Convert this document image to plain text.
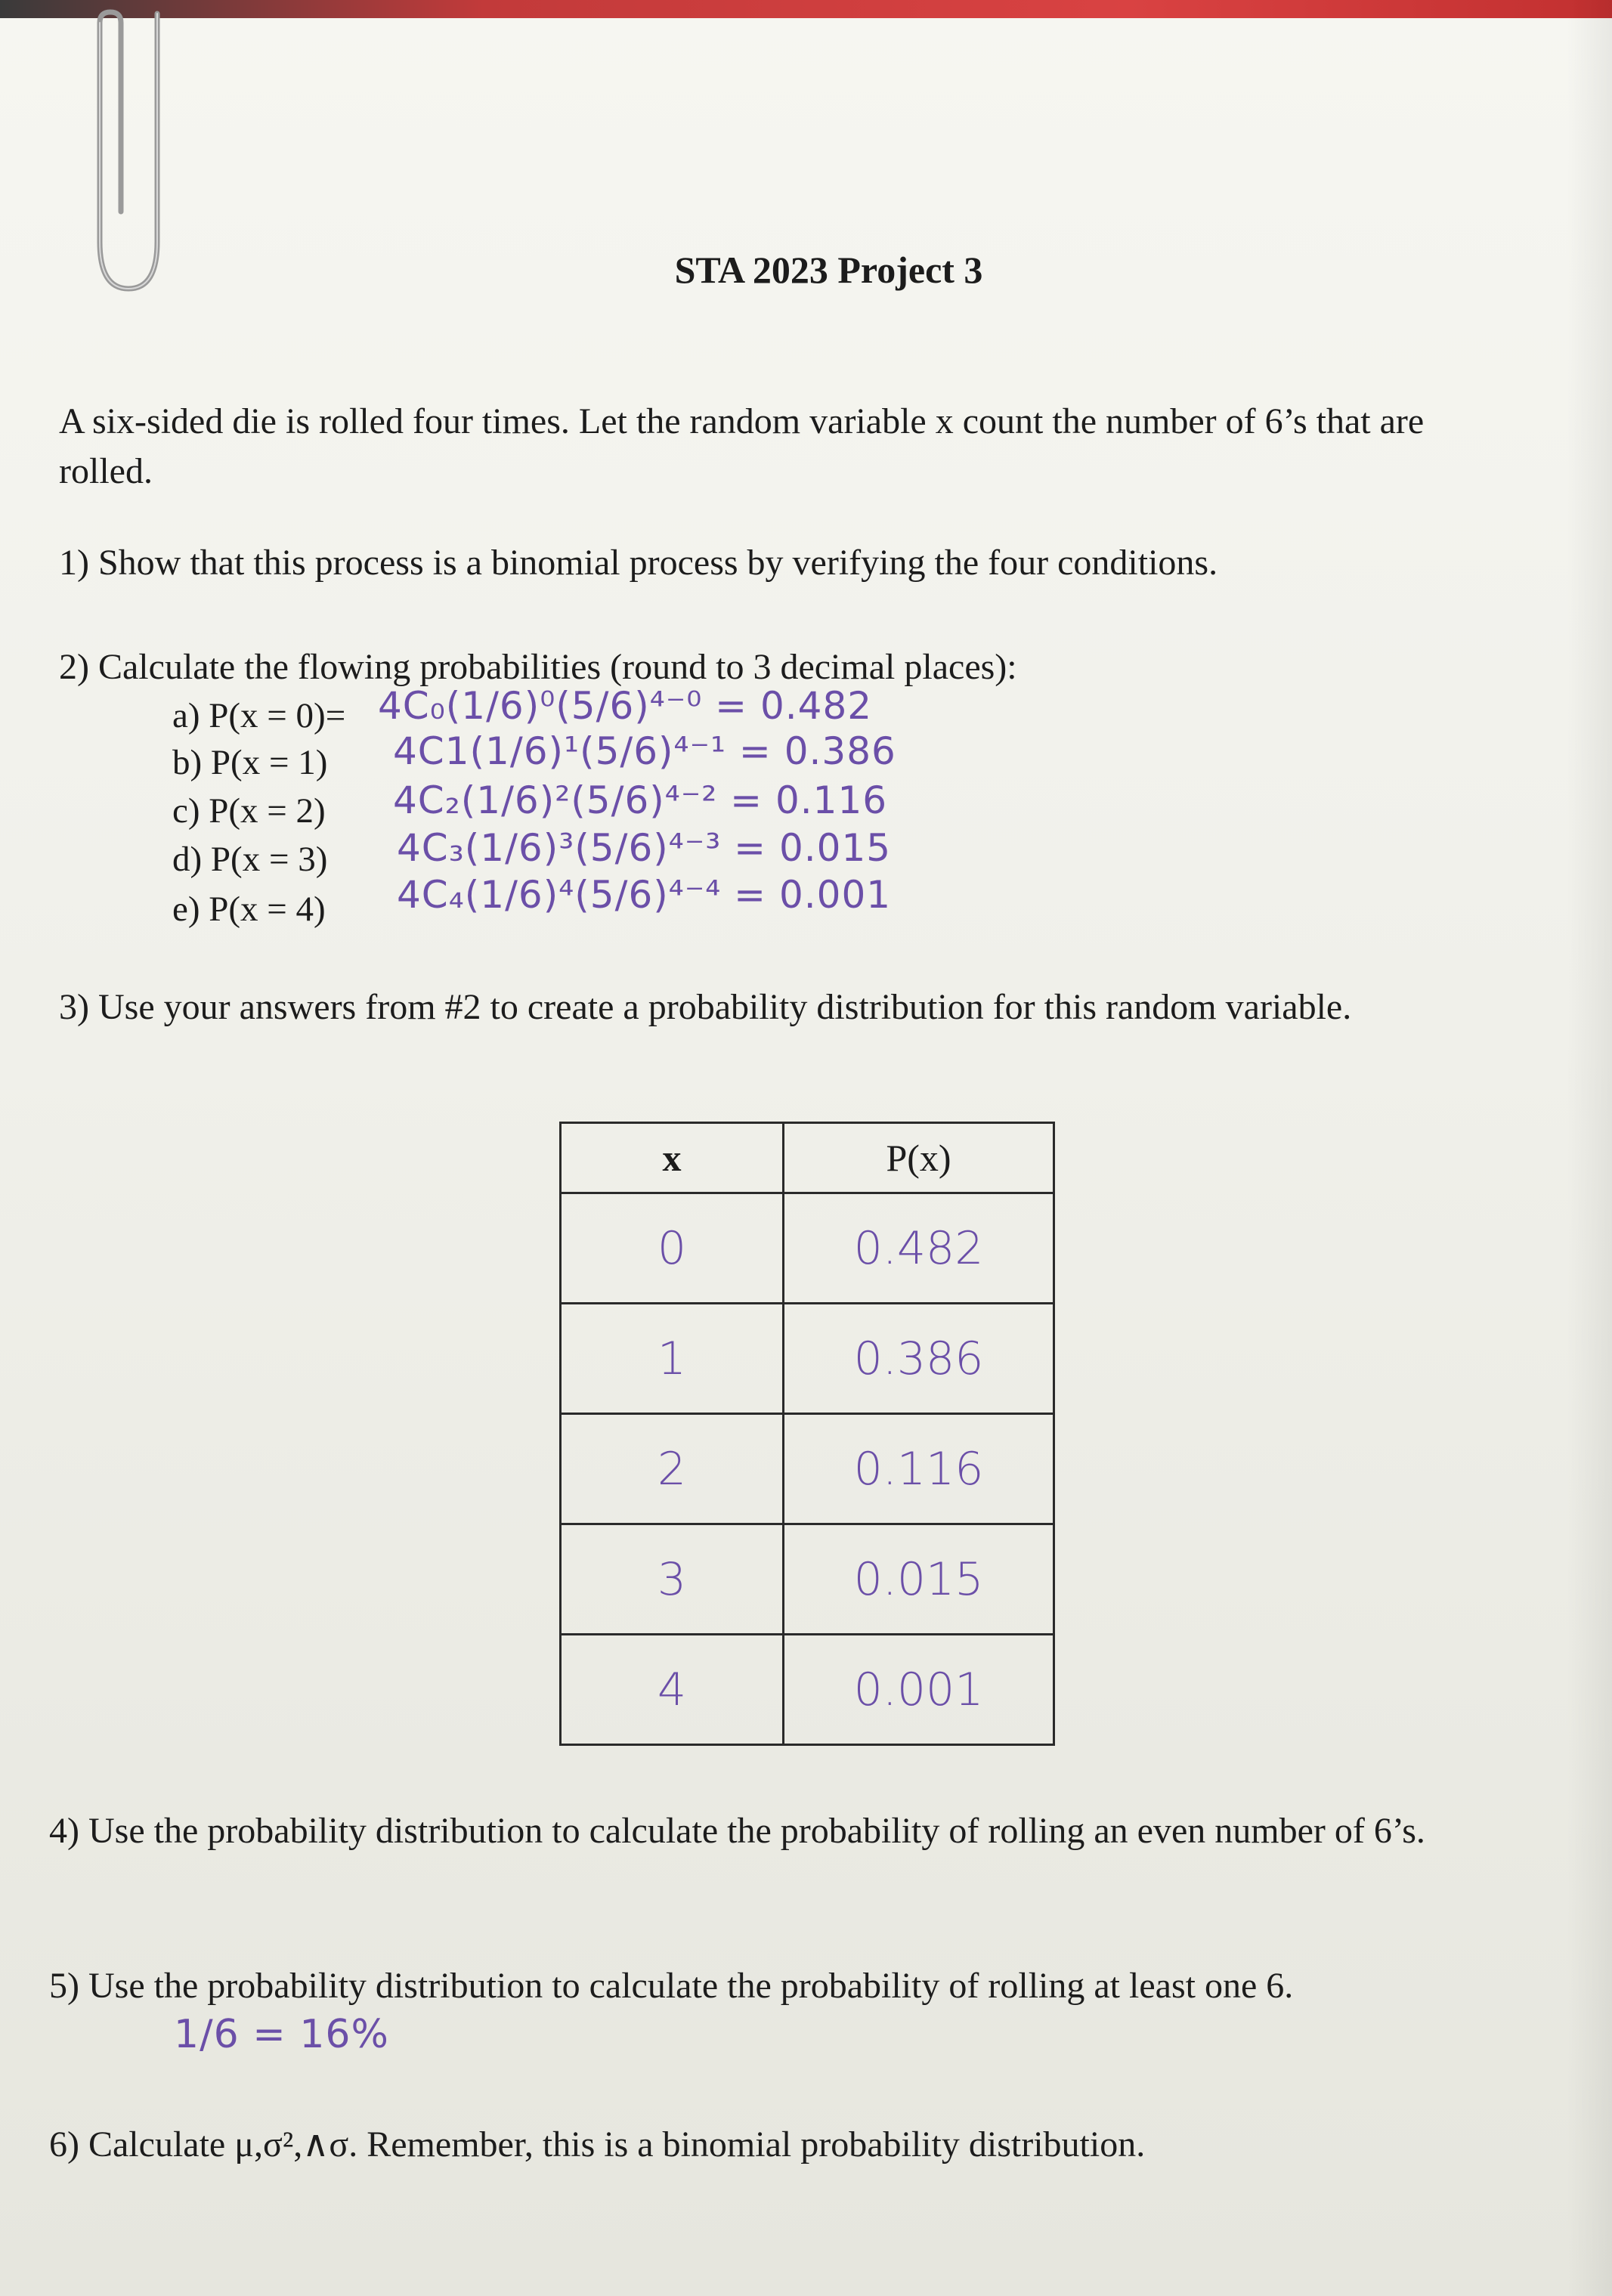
STA 2023 Project 3
A six-sided die is rolled four times. Let the random variable x count the number of 6’s that are rolled.
1) Show that this process is a binomial process by verifying the four conditions.
2) Calculate the flowing probabilities (round to 3 decimal places):
a) P(x = 0)= 4C₀(1/6)⁰(5/6)⁴⁻⁰ = 0.482
b) P(x = 1) 4C1(1/6)¹(5/6)⁴⁻¹ = 0.386
c) P(x = 2) 4C₂(1/6)²(5/6)⁴⁻² = 0.116
d) P(x = 3) 4C₃(1/6)³(5/6)⁴⁻³ = 0.015
e) P(x = 4) 4C₄(1/6)⁴(5/6)⁴⁻⁴ = 0.001
3) Use your answers from #2 to create a probability distribution for this random variable.
x	P(x)
0	0.482
1	0.386
2	0.116
3	0.015
4	0.001
4) Use the probability distribution to calculate the probability of rolling an even number of 6’s.
5) Use the probability distribution to calculate the probability of rolling at least one 6.
1/6 = 16%
6) Calculate μ,σ²,∧σ. Remember, this is a binomial probability distribution.
